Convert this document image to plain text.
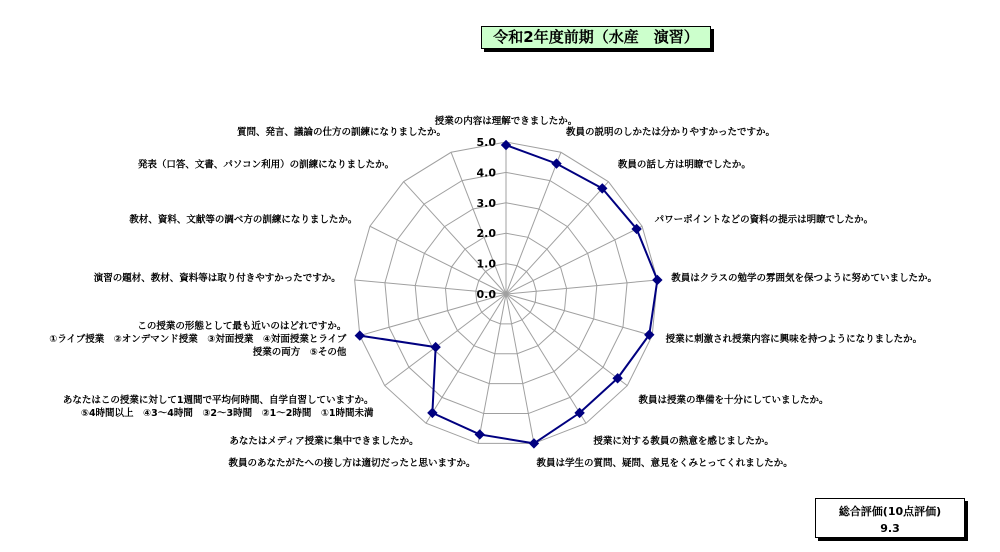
令和2年度前期（水産　演習）
授業の内容は理解できましたか。
教員の説明のしかたは分かりやすかったですか。
教員の話し方は明瞭でしたか。
パワーポイントなどの資料の提示は明瞭でしたか。
教員はクラスの勉学の雰囲気を保つように努めていましたか。
授業に刺激され授業内容に興味を持つようになりましたか。
教員は授業の準備を十分にしていましたか。
授業に対する教員の熱意を感じましたか。
教員は学生の質問、疑問、意見をくみとってくれましたか。
教員のあなたがたへの接し方は適切だったと思いますか。
あなたはメディア授業に集中できましたか。
あなたはこの授業に対して1週間で平均何時間、自学自習していますか。 ⑤4時間以上　④3～4時間　③2～3時間　②1～2時間　①1時間未満
この授業の形態として最も近いのはどれですか。 ①ライブ授業　②オンデマンド授業　③対面授業　④対面授業とライブ授業の両方　⑤その他
演習の題材、教材、資料等は取り付きやすかったですか。
教材、資料、文献等の調べ方の訓練になりましたか。
発表（口答、文書、パソコン利用）の訓練になりましたか。
質問、発言、議論の仕方の訓練になりましたか。
0.0
1.0
2.0
3.0
4.0
5.0
総合評価(10点評価)
9.3
